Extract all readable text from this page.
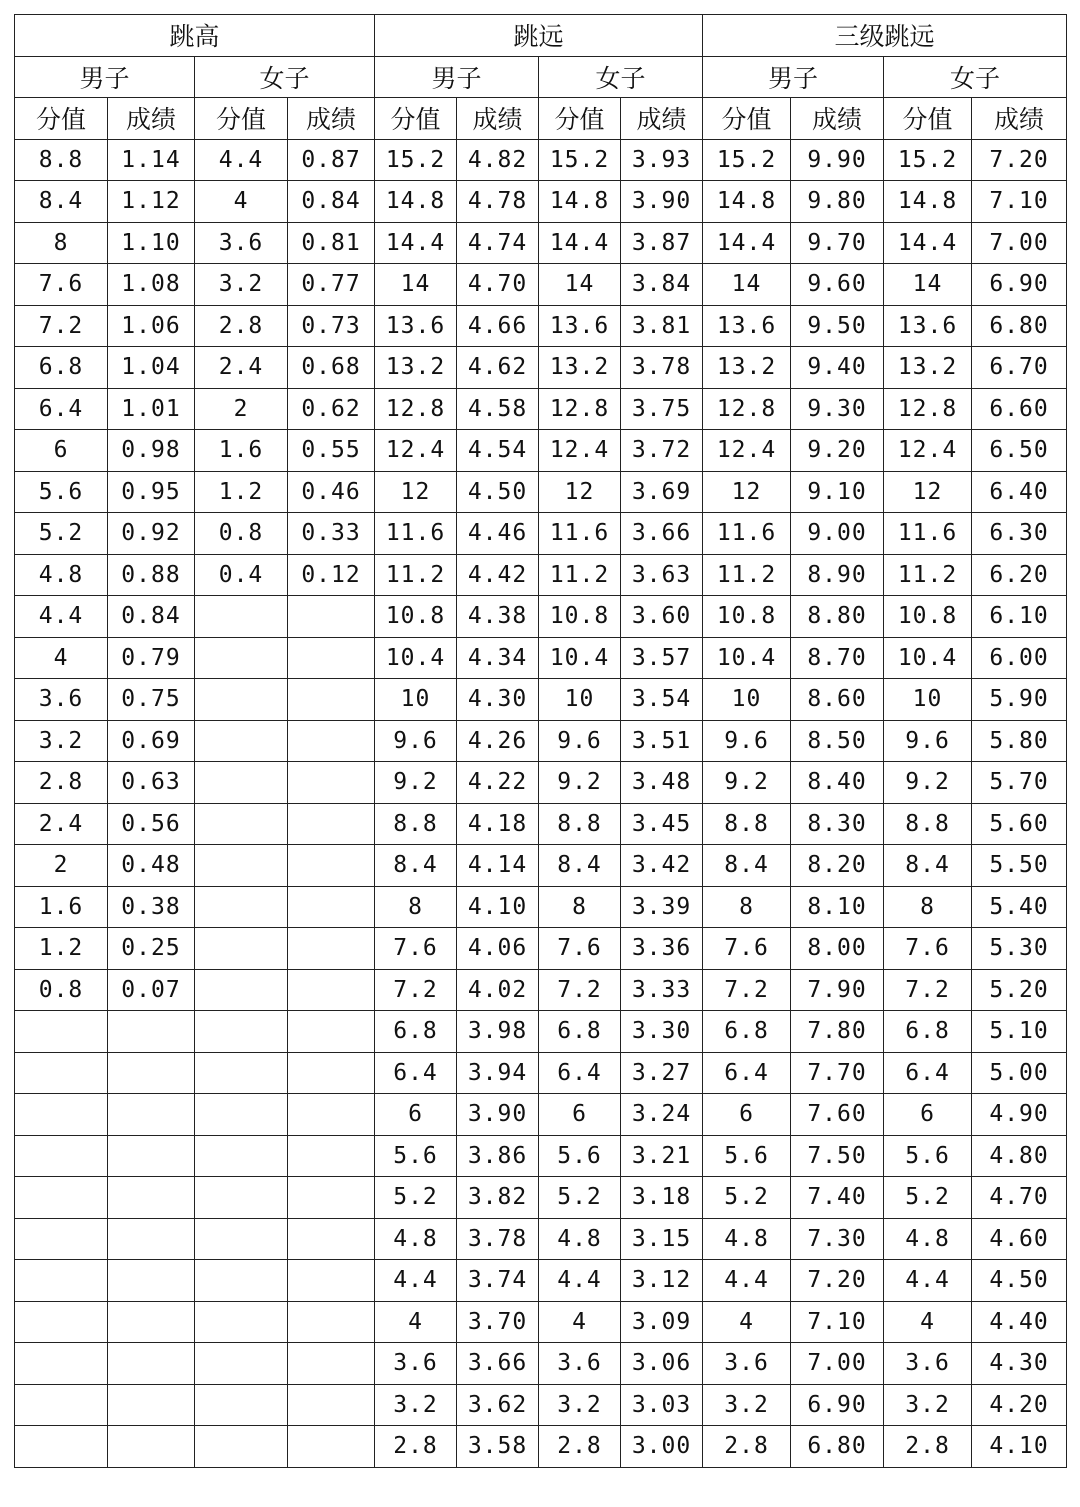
跳高				跳远				三级跳远			
男子		女子		男子		女子		男子		女子	
分值	成绩	分值	成绩	分值	成绩	分值	成绩	分值	成绩	分值	成绩
8.8	1.14	4.4	0.87	15.2	4.82	15.2	3.93	15.2	9.90	15.2	7.20
8.4	1.12	4	0.84	14.8	4.78	14.8	3.90	14.8	9.80	14.8	7.10
8	1.10	3.6	0.81	14.4	4.74	14.4	3.87	14.4	9.70	14.4	7.00
7.6	1.08	3.2	0.77	14	4.70	14	3.84	14	9.60	14	6.90
7.2	1.06	2.8	0.73	13.6	4.66	13.6	3.81	13.6	9.50	13.6	6.80
6.8	1.04	2.4	0.68	13.2	4.62	13.2	3.78	13.2	9.40	13.2	6.70
6.4	1.01	2	0.62	12.8	4.58	12.8	3.75	12.8	9.30	12.8	6.60
6	0.98	1.6	0.55	12.4	4.54	12.4	3.72	12.4	9.20	12.4	6.50
5.6	0.95	1.2	0.46	12	4.50	12	3.69	12	9.10	12	6.40
5.2	0.92	0.8	0.33	11.6	4.46	11.6	3.66	11.6	9.00	11.6	6.30
4.8	0.88	0.4	0.12	11.2	4.42	11.2	3.63	11.2	8.90	11.2	6.20
4.4	0.84			10.8	4.38	10.8	3.60	10.8	8.80	10.8	6.10
4	0.79			10.4	4.34	10.4	3.57	10.4	8.70	10.4	6.00
3.6	0.75			10	4.30	10	3.54	10	8.60	10	5.90
3.2	0.69			9.6	4.26	9.6	3.51	9.6	8.50	9.6	5.80
2.8	0.63			9.2	4.22	9.2	3.48	9.2	8.40	9.2	5.70
2.4	0.56			8.8	4.18	8.8	3.45	8.8	8.30	8.8	5.60
2	0.48			8.4	4.14	8.4	3.42	8.4	8.20	8.4	5.50
1.6	0.38			8	4.10	8	3.39	8	8.10	8	5.40
1.2	0.25			7.6	4.06	7.6	3.36	7.6	8.00	7.6	5.30
0.8	0.07			7.2	4.02	7.2	3.33	7.2	7.90	7.2	5.20
				6.8	3.98	6.8	3.30	6.8	7.80	6.8	5.10
				6.4	3.94	6.4	3.27	6.4	7.70	6.4	5.00
				6	3.90	6	3.24	6	7.60	6	4.90
				5.6	3.86	5.6	3.21	5.6	7.50	5.6	4.80
				5.2	3.82	5.2	3.18	5.2	7.40	5.2	4.70
				4.8	3.78	4.8	3.15	4.8	7.30	4.8	4.60
				4.4	3.74	4.4	3.12	4.4	7.20	4.4	4.50
				4	3.70	4	3.09	4	7.10	4	4.40
				3.6	3.66	3.6	3.06	3.6	7.00	3.6	4.30
				3.2	3.62	3.2	3.03	3.2	6.90	3.2	4.20
				2.8	3.58	2.8	3.00	2.8	6.80	2.8	4.10
